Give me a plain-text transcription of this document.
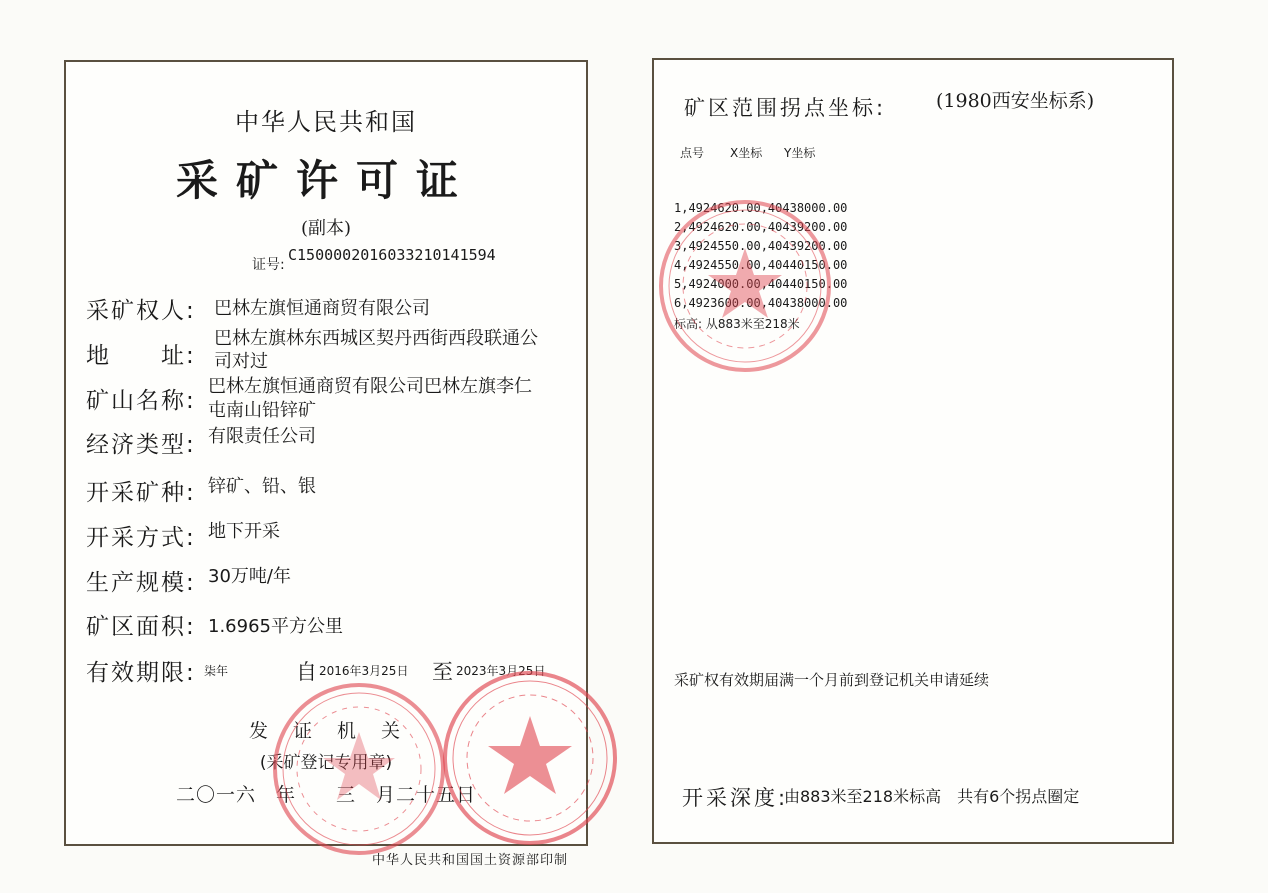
中华人民共和国
采矿许可证
(副本)
证号:
C1500002016033210141594
采矿权人: 巴林左旗恒通商贸有限公司
地　　址:
巴林左旗林东西城区契丹西街西段联通公
司对过
矿山名称:
巴林左旗恒通商贸有限公司巴林左旗李仁
屯南山铅锌矿
经济类型: 有限责任公司
开采矿种: 锌矿、铅、银
开采方式: 地下开采
生产规模: 30万吨/年
矿区面积: 1.6965平方公里
有效期限: 柒年	自 2016年3月25日 至 2023年3月25日
发　证　机　关
(采矿登记专用章)
二〇一六　年　　三　月二十五日
中华人民共和国国土资源部印制
矿区范围拐点坐标:	(1980西安坐标系)
点号 X坐标 Y坐标
1,4924620.00,40438000.00
2,4924620.00,40439200.00
3,4924550.00,40439200.00
4,4924550.00,40440150.00
5,4924000.00,40440150.00
6,4923600.00,40438000.00
标高: 从883米至218米
采矿权有效期届满一个月前到登记机关申请延续
开采深度:
由883米至218米标高　共有6个拐点圈定
